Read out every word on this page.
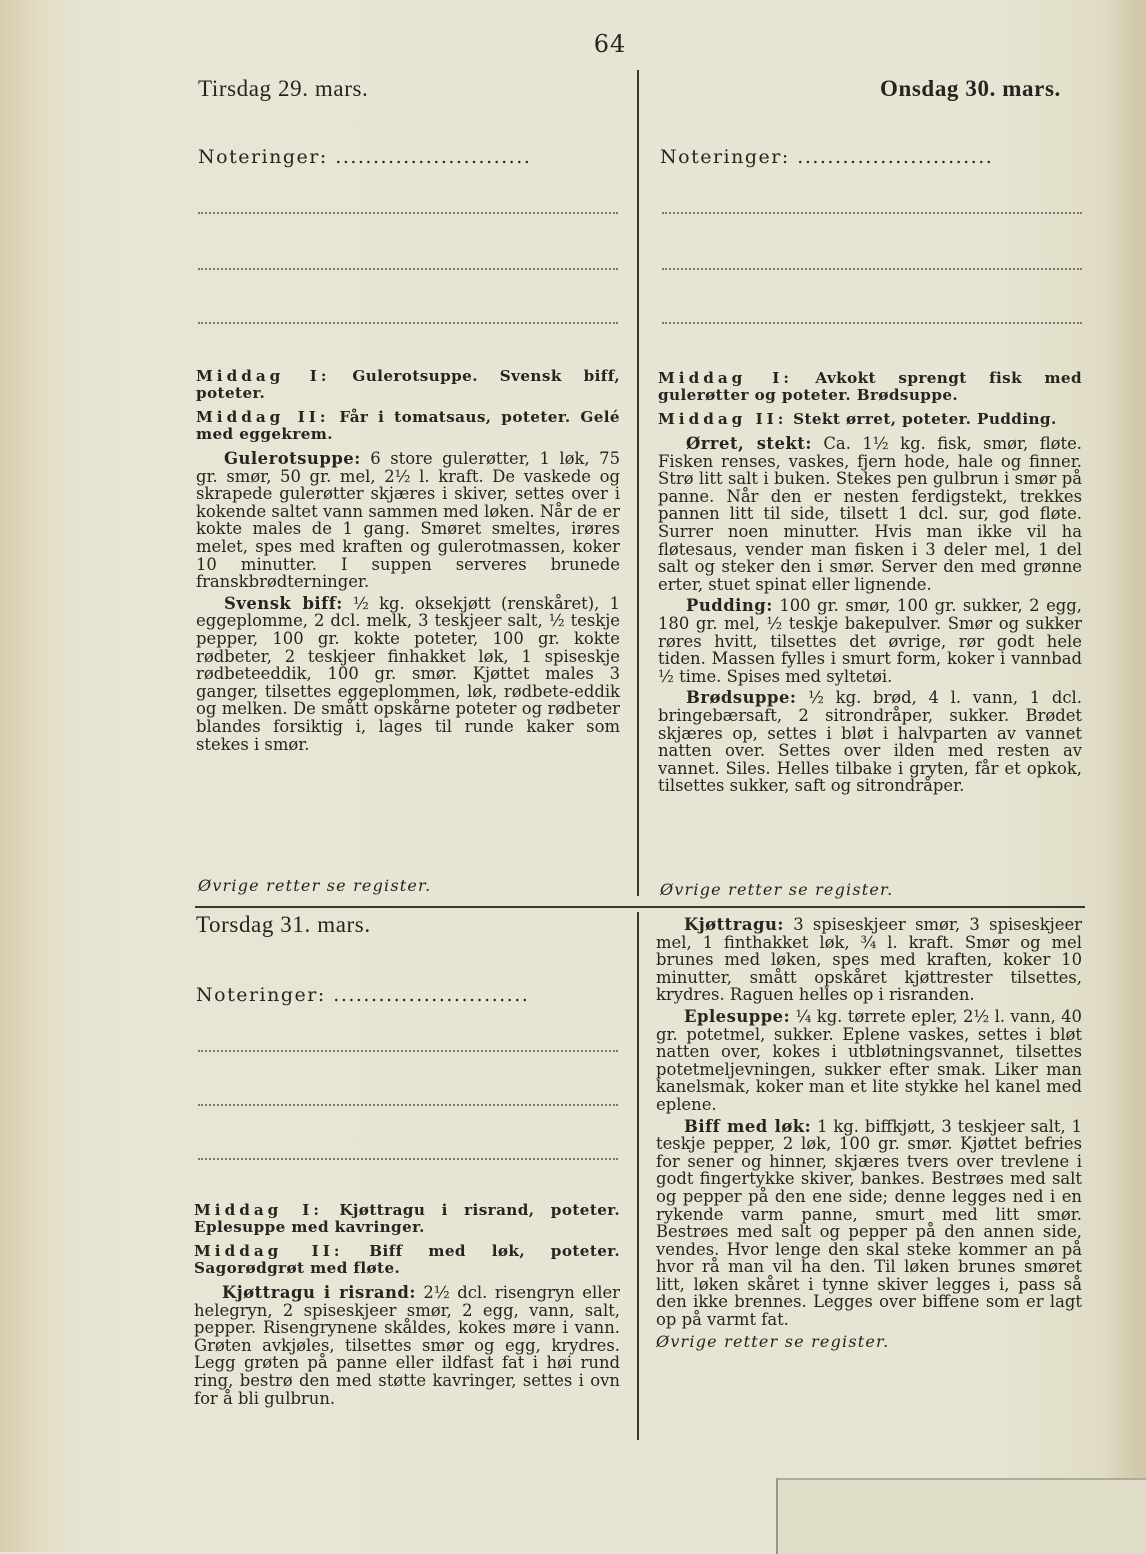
64
Tirsdag 29. mars.
Noteringer: ..........................
Middag I: Gulerotsuppe. Svensk biff, poteter.
Middag II: Får i tomatsaus, poteter. Gelé med eggekrem.
Gulerotsuppe: 6 store gulerøtter, 1 løk, 75 gr. smør, 50 gr. mel, 2½ l. kraft. De vaskede og skrapede gulerøtter skjæres i skiver, settes over i kokende saltet vann sammen med løken. Når de er kokte males de 1 gang. Smøret smeltes, irøres melet, spes med kraften og gulerotmassen, koker 10 minutter. I suppen serveres brunede franskbrødterninger.
Svensk biff: ½ kg. oksekjøtt (renskåret), 1 eggeplomme, 2 dcl. melk, 3 teskjeer salt, ½ teskje pepper, 100 gr. kokte poteter, 100 gr. kokte rødbeter, 2 teskjeer finhakket løk, 1 spiseskje rødbeteeddik, 100 gr. smør. Kjøttet males 3 ganger, tilsettes eggeplommen, løk, rødbete-eddik og melken. De smått opskårne poteter og rødbeter blandes forsiktig i, lages til runde kaker som stekes i smør.
Øvrige retter se register.
Onsdag 30. mars.
Noteringer: ..........................
Middag I: Avkokt sprengt fisk med gulerøtter og poteter. Brødsuppe.
Middag II: Stekt ørret, poteter. Pudding.
Ørret, stekt: Ca. 1½ kg. fisk, smør, fløte. Fisken renses, vaskes, fjern hode, hale og finner. Strø litt salt i buken. Stekes pen gulbrun i smør på panne. Når den er nesten ferdigstekt, trekkes pannen litt til side, tilsett 1 dcl. sur, god fløte. Surrer noen minutter. Hvis man ikke vil ha fløtesaus, vender man fisken i 3 deler mel, 1 del salt og steker den i smør. Server den med grønne erter, stuet spinat eller lignende.
Pudding: 100 gr. smør, 100 gr. sukker, 2 egg, 180 gr. mel, ½ teskje bakepulver. Smør og sukker røres hvitt, tilsettes det øvrige, rør godt hele tiden. Massen fylles i smurt form, koker i vannbad ½ time. Spises med syltetøi.
Brødsuppe: ½ kg. brød, 4 l. vann, 1 dcl. bringebærsaft, 2 sitrondråper, sukker. Brødet skjæres op, settes i bløt i halvparten av vannet natten over. Settes over ilden med resten av vannet. Siles. Helles tilbake i gryten, får et opkok, tilsettes sukker, saft og sitrondråper.
Øvrige retter se register.
Torsdag 31. mars.
Noteringer: ..........................
Middag I: Kjøttragu i risrand, poteter. Eplesuppe med kavringer.
Middag II: Biff med løk, poteter. Sagorødgrøt med fløte.
Kjøttragu i risrand: 2½ dcl. risengryn eller helegryn, 2 spiseskjeer smør, 2 egg, vann, salt, pepper. Risengrynene skåldes, kokes møre i vann. Grøten avkjøles, tilsettes smør og egg, krydres. Legg grøten på panne eller ildfast fat i høi rund ring, bestrø den med støtte kavringer, settes i ovn for å bli gulbrun.
Kjøttragu: 3 spiseskjeer smør, 3 spiseskjeer mel, 1 finthakket løk, ¾ l. kraft. Smør og mel brunes med løken, spes med kraften, koker 10 minutter, smått opskåret kjøttrester tilsettes, krydres. Raguen helles op i risranden.
Eplesuppe: ¼ kg. tørrete epler, 2½ l. vann, 40 gr. potetmel, sukker. Eplene vaskes, settes i bløt natten over, kokes i utbløtningsvannet, tilsettes potetmeljevningen, sukker efter smak. Liker man kanelsmak, koker man et lite stykke hel kanel med eplene.
Biff med løk: 1 kg. biffkjøtt, 3 teskjeer salt, 1 teskje pepper, 2 løk, 100 gr. smør. Kjøttet befries for sener og hinner, skjæres tvers over trevlene i godt fingertykke skiver, bankes. Bestrøes med salt og pepper på den ene side; denne legges ned i en rykende varm panne, smurt med litt smør. Bestrøes med salt og pepper på den annen side, vendes. Hvor lenge den skal steke kommer an på hvor rå man vil ha den. Til løken brunes smøret litt, løken skåret i tynne skiver legges i, pass så den ikke brennes. Legges over biffene som er lagt op på varmt fat.
Øvrige retter se register.
